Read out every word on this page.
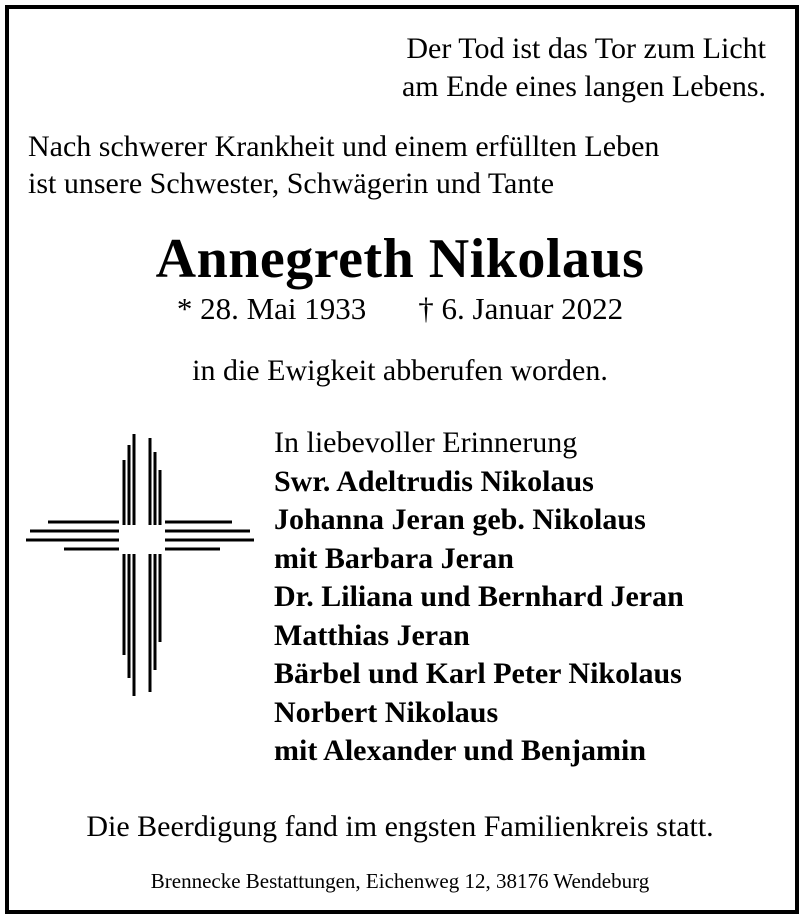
Der Tod ist das Tor zum Licht
am Ende eines langen Lebens.
Nach schwerer Krankheit und einem erfüllten Leben
ist unsere Schwester, Schwägerin und Tante
Annegreth Nikolaus
* 28. Mai 1933 † 6. Januar 2022
in die Ewigkeit abberufen worden.
In liebevoller Erinnerung
Swr. Adeltrudis Nikolaus
Johanna Jeran geb. Nikolaus
mit Barbara Jeran
Dr. Liliana und Bernhard Jeran
Matthias Jeran
Bärbel und Karl Peter Nikolaus
Norbert Nikolaus
mit Alexander und Benjamin
Die Beerdigung fand im engsten Familienkreis statt.
Brennecke Bestattungen, Eichenweg 12, 38176 Wendeburg
